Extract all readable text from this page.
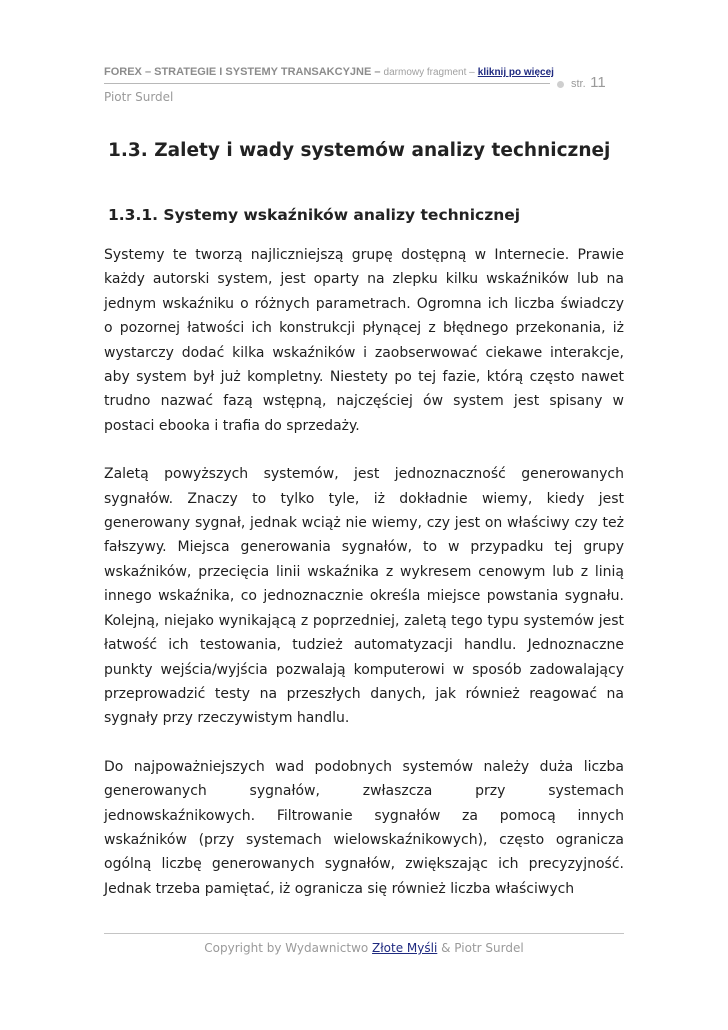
FOREX – STRATEGIE I SYSTEMY TRANSAKCYJNE – darmowy fragment – kliknij po więcej
str. 11
Piotr Surdel
1.3. Zalety i wady systemów analizy technicznej
1.3.1. Systemy wskaźników analizy technicznej

Systemy te tworzą najliczniejszą grupę dostępną w Internecie. Prawie każdy autorski system, jest oparty na zlepku kilku wskaźników lub na jednym wskaźniku o różnych parametrach. Ogromna ich liczba świadczy o pozornej łatwości ich konstrukcji płynącej z błędnego przekonania, iż wystarczy dodać kilka wskaźników i zaobserwować ciekawe interakcje, aby system był już kompletny. Niestety po tej fazie, którą często nawet trudno nazwać fazą wstępną, najczęściej ów system jest spisany w postaci ebooka i trafia do sprzedaży.

Zaletą powyższych systemów, jest jednoznaczność generowanych sygnałów. Znaczy to tylko tyle, iż dokładnie wiemy, kiedy jest generowany sygnał, jednak wciąż nie wiemy, czy jest on właściwy czy też fałszywy. Miejsca generowania sygnałów, to w przypadku tej grupy wskaźników, przecięcia linii wskaźnika z wykresem cenowym lub z linią innego wskaźnika, co jednoznacznie określa miejsce powstania sygnału. Kolejną, niejako wynikającą z poprzedniej, zaletą tego typu systemów jest łatwość ich testowania, tudzież automatyzacji handlu. Jednoznaczne punkty wejścia/wyjścia pozwalają komputerowi w sposób zadowalający przeprowadzić testy na przeszłych danych, jak również reagować na sygnały przy rzeczywistym handlu.

Do najpoważniejszych wad podobnych systemów należy duża liczba generowanych sygnałów, zwłaszcza przy systemach jednowskaźnikowych. Filtrowanie sygnałów za pomocą innych wskaźników (przy systemach wielowskaźnikowych), często ogranicza ogólną liczbę generowanych sygnałów, zwiększając ich precyzyjność. Jednak trzeba pamiętać, iż ogranicza się również liczba właściwych

Copyright by Wydawnictwo Złote Myśli & Piotr Surdel
